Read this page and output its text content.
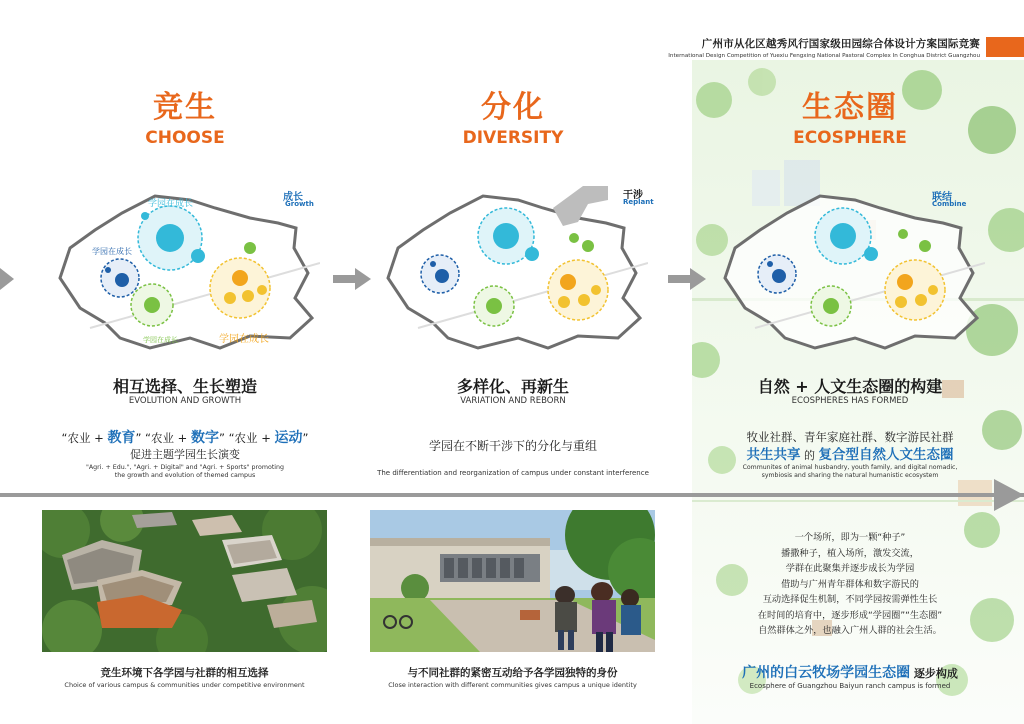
广州市从化区越秀风行国家级田园综合体设计方案国际竞赛
International Design Competition of Yuexiu Fengxing National Pastoral Complex In Conghua District Guangzhou
竞生
CHOOSE
学园在成长
学园在成长
学园在成长	学园在成长
成长
Growth
相互选择、生长塑造
EVOLUTION AND GROWTH
“农业 + 教育” “农业 + 数字” “农业 + 运动”
促进主题学园生长演变
"Agri. + Edu.", "Agri. + Digital" and "Agri. + Sports" promoting the growth and evolution of themed campus
分化
DIVERSITY
干涉
Replant
多样化、再新生
VARIATION AND REBORN
学园在不断干涉下的分化与重组
The differentiation and reorganization of campus under constant interference
生态圈
ECOSPHERE
联结
Combine
自然 + 人文生态圈的构建
ECOSPHERES HAS FORMED
牧业社群、青年家庭社群、数字游民社群
共生共享 的 复合型自然人文生态圈
Communites of animal husbandry, youth family, and digital nomadic, symbiosis and sharing the natural humanistic ecosystem
一个场所，即为一颗“种子”
播撒种子，植入场所，激发交流，
学群在此聚集并逐步成长为学园
借助与广州青年群体和数字游民的
互动选择促生机制，不同学园按需弹性生长
在时间的培育中，逐步形成“学园圈”“生态圈”
自然群体之外，也融入广州人群的社会生活。
广州的白云牧场学园生态圈 逐步构成
Ecosphere of Guangzhou Baiyun ranch campus is formed
竞生环境下各学园与社群的相互选择
Choice of various campus & communities under competitive environment
与不同社群的紧密互动给予各学园独特的身份
Close interaction with different communities gives campus a unique identity
